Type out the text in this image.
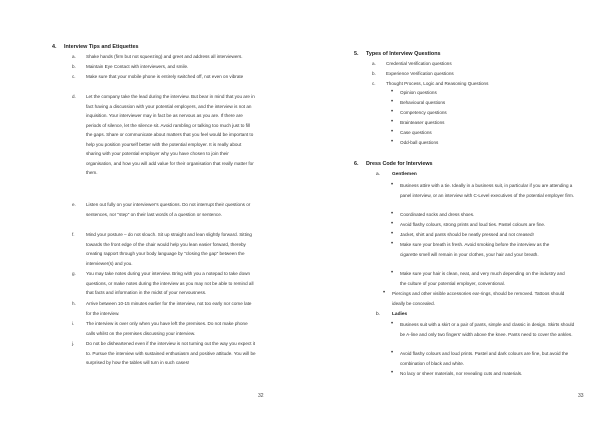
4. Interview Tips and Etiquettes
a. Shake hands (firm but not squeezing) and greet and address all interviewers.
b. Maintain Eye Contact with interviewers, and smile.
c. Make sure that your mobile phone is entirely switched off, not even on vibrate
d. Let the company take the lead during the interview. But bear in mind that you are in fact having a discussion with your potential employers, and the interview is not an inquisition. Your interviewer may in fact be as nervous as you are. If there are periods of silence, let the silence sit. Avoid rambling or talking too much just to fill the gaps. Share or communicate about matters that you feel would be important to help you position yourself better with the potential employer. It is really about sharing with your potential employer why you have chosen to join their organisation, and how you will add value for their organisation that really matter for them.
e. Listen out fully on your interviewer's questions. Do not interrupt their questions or sentences, nor "step" on their last words of a question or sentence.
f. Mind your posture – do not slouch. Sit up straight and lean slightly forward. Sitting towards the front edge of the chair would help you lean easier forward, thereby creating rapport through your body language by "closing the gap" between the interviewer(s) and you.
g. You may take notes during your interview. Bring with you a notepad to take down questions, or make notes during the interview as you may not be able to remind all that facts and information in the midst of your nervousness.
h. Arrive between 10-15 minutes earlier for the interview, not too early nor come late for the interview.
i.	The interview is over only when you have left the premises. Do not make phone calls whilst on the premises discussing your interview.
j.	Do not be disheartened even if the interview is not turning out the way you expect it to. Pursue the interview with sustained enthusiasm and positive attitude. You will be surprised by how the tables will turn in such cases!
32
5. Types of Interview Questions
a. Credential Verification questions
b. Experience Verification questions
c. Thought Process, Logic and Reasoning Questions
• Opinion questions
• Behavioural questions
• Competency questions
• Brainteaser questions
• Case questions
• Odd-ball questions
6. Dress Code for Interviews
a. Gentlemen
• Business attire with a tie. Ideally in a business suit, in particular if you are attending a panel interview, or an interview with C-Level executives of the potential employer firm.
• Coordinated socks and dress shoes.
• Avoid flashy colours, strong prints and loud ties. Pastel colours are fine.
• Jacket, shirt and pants should be neatly pressed and not creased!
• Make sure your breath is fresh. Avoid smoking before the interview as the cigarette smell will remain in your clothes, your hair and your breath.
• Make sure your hair is clean, neat, and very much depending on the industry and the culture of your potential employer, conventional.
• Piercings and other visible accessories ear-rings, should be removed. Tattoos should ideally be concealed.
b. Ladies
• Business suit with a skirt or a pair of pants, simple and classic in design. Skirts should be A-line and only two fingers' width above the knee. Pants need to cover the ankles.
• Avoid flashy colours and loud prints. Pastel and dark colours are fine, but avoid the combination of black and white.
• No lacy or sheer materials, nor revealing cuts and materials.
33
